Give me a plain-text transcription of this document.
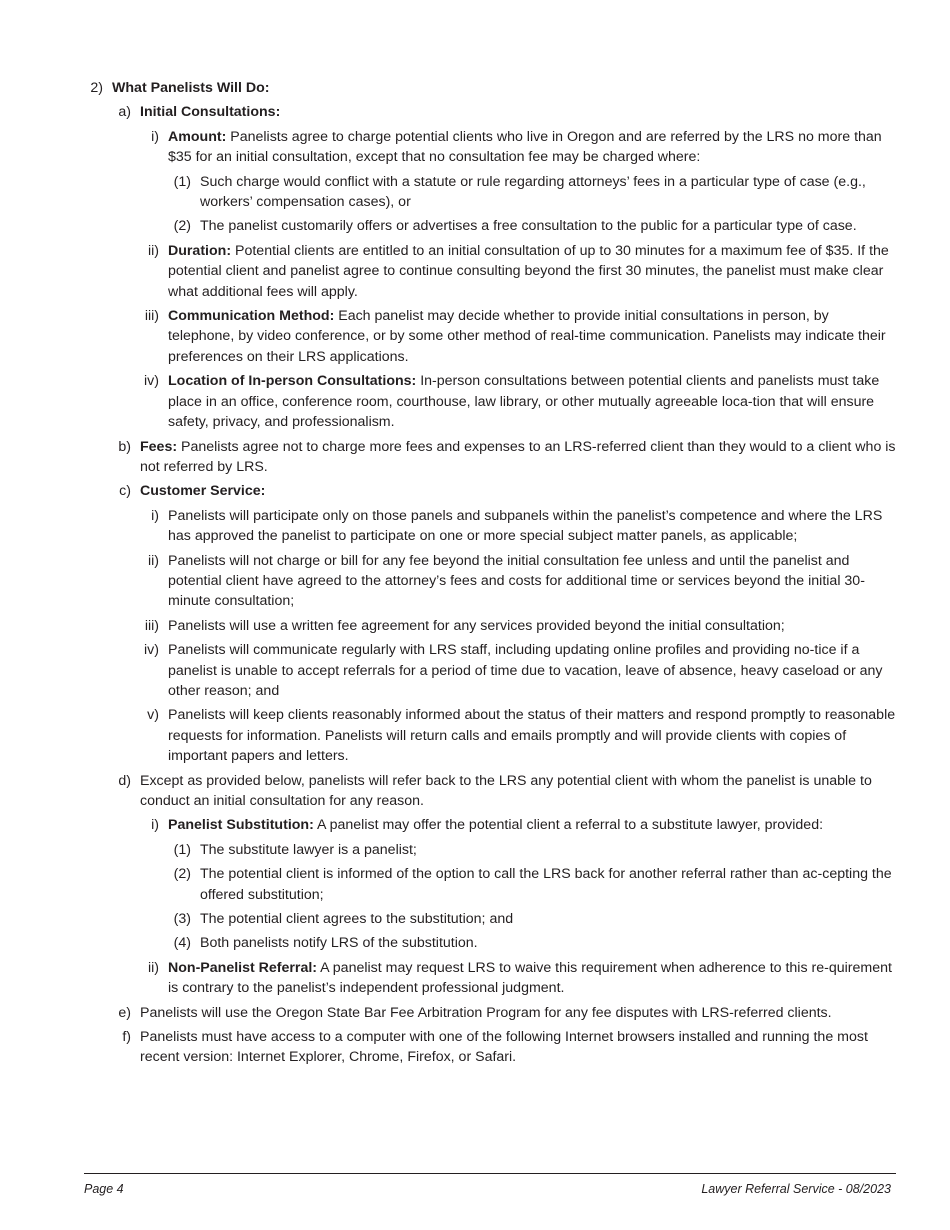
2) What Panelists Will Do:
a) Initial Consultations:
i) Amount: Panelists agree to charge potential clients who live in Oregon and are referred by the LRS no more than $35 for an initial consultation, except that no consultation fee may be charged where:
(1) Such charge would conflict with a statute or rule regarding attorneys’ fees in a particular type of case (e.g., workers’ compensation cases), or
(2) The panelist customarily offers or advertises a free consultation to the public for a particular type of case.
ii) Duration: Potential clients are entitled to an initial consultation of up to 30 minutes for a maximum fee of $35. If the potential client and panelist agree to continue consulting beyond the first 30 minutes, the panelist must make clear what additional fees will apply.
iii) Communication Method: Each panelist may decide whether to provide initial consultations in person, by telephone, by video conference, or by some other method of real-time communication. Panelists may indicate their preferences on their LRS applications.
iv) Location of In-person Consultations: In-person consultations between potential clients and panelists must take place in an office, conference room, courthouse, law library, or other mutually agreeable loca-tion that will ensure safety, privacy, and professionalism.
b) Fees: Panelists agree not to charge more fees and expenses to an LRS-referred client than they would to a client who is not referred by LRS.
c) Customer Service:
i) Panelists will participate only on those panels and subpanels within the panelist’s competence and where the LRS has approved the panelist to participate on one or more special subject matter panels, as applicable;
ii) Panelists will not charge or bill for any fee beyond the initial consultation fee unless and until the panelist and potential client have agreed to the attorney’s fees and costs for additional time or services beyond the initial 30-minute consultation;
iii) Panelists will use a written fee agreement for any services provided beyond the initial consultation;
iv) Panelists will communicate regularly with LRS staff, including updating online profiles and providing no-tice if a panelist is unable to accept referrals for a period of time due to vacation, leave of absence, heavy caseload or any other reason; and
v) Panelists will keep clients reasonably informed about the status of their matters and respond promptly to reasonable requests for information. Panelists will return calls and emails promptly and will provide clients with copies of important papers and letters.
d) Except as provided below, panelists will refer back to the LRS any potential client with whom the panelist is unable to conduct an initial consultation for any reason.
i) Panelist Substitution: A panelist may offer the potential client a referral to a substitute lawyer, provided:
(1) The substitute lawyer is a panelist;
(2) The potential client is informed of the option to call the LRS back for another referral rather than ac-cepting the offered substitution;
(3) The potential client agrees to the substitution; and
(4) Both panelists notify LRS of the substitution.
ii) Non-Panelist Referral: A panelist may request LRS to waive this requirement when adherence to this re-quirement is contrary to the panelist’s independent professional judgment.
e) Panelists will use the Oregon State Bar Fee Arbitration Program for any fee disputes with LRS-referred clients.
f) Panelists must have access to a computer with one of the following Internet browsers installed and running the most recent version: Internet Explorer, Chrome, Firefox, or Safari.
Page 4	Lawyer Referral Service - 08/2023
